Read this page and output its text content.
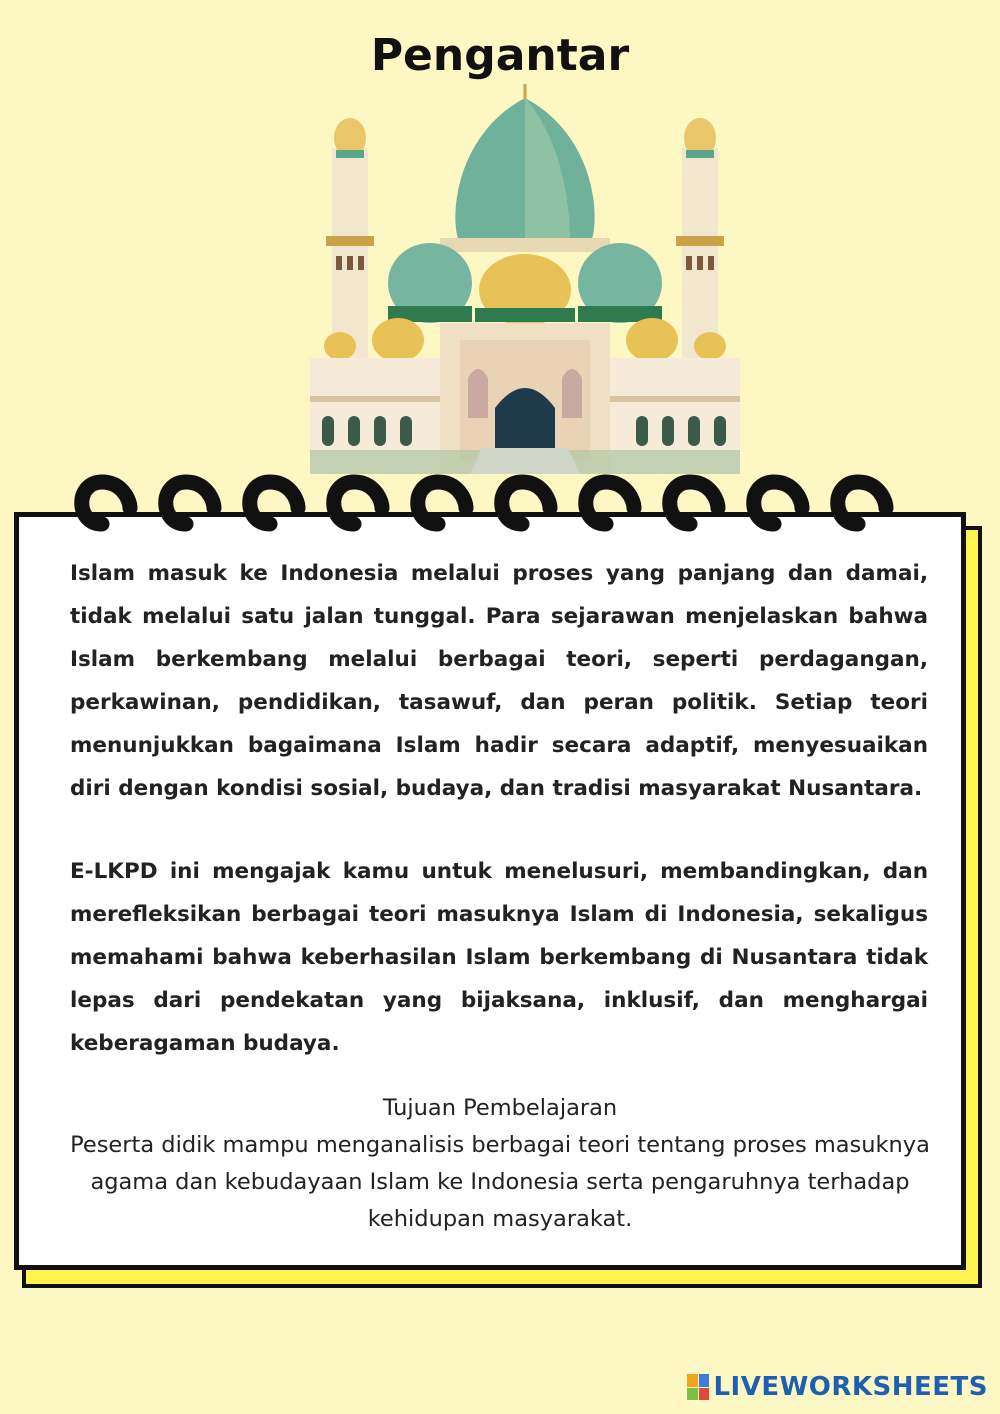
Pengantar
Islam masuk ke Indonesia melalui proses yang panjang dan damai, tidak melalui satu jalan tunggal. Para sejarawan menjelaskan bahwa Islam berkembang melalui berbagai teori, seperti perdagangan, perkawinan, pendidikan, tasawuf, dan peran politik. Setiap teori menunjukkan bagaimana Islam hadir secara adaptif, menyesuaikan diri dengan kondisi sosial, budaya, dan tradisi masyarakat Nusantara.
E-LKPD ini mengajak kamu untuk menelusuri, membandingkan, dan merefleksikan berbagai teori masuknya Islam di Indonesia, sekaligus memahami bahwa keberhasilan Islam berkembang di Nusantara tidak lepas dari pendekatan yang bijaksana, inklusif, dan menghargai keberagaman budaya.
Tujuan Pembelajaran
Peserta didik mampu menganalisis berbagai teori tentang proses masuknya agama dan kebudayaan Islam ke Indonesia serta pengaruhnya terhadap kehidupan masyarakat.
LIVEWORKSHEETS
